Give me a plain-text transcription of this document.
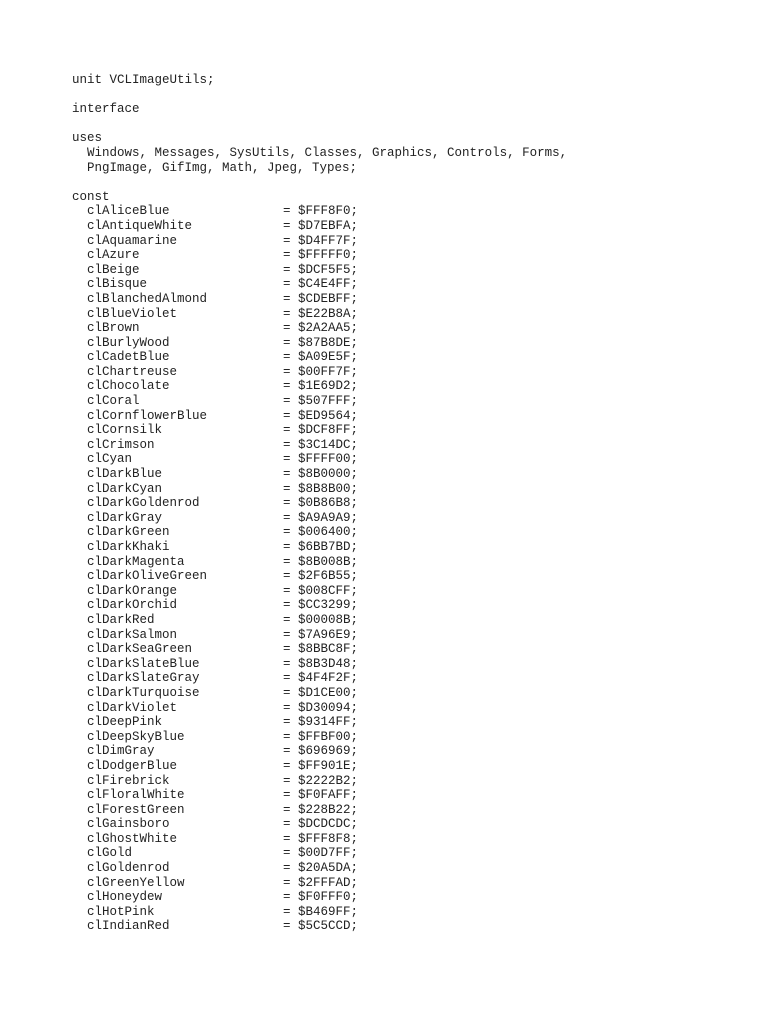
unit VCLImageUtils;
interface
uses
Windows, Messages, SysUtils, Classes, Graphics, Controls, Forms,
PngImage, GifImg, Math, Jpeg, Types;
const
clAliceBlue	= $FFF8F0;
clAntiqueWhite	= $D7EBFA;
clAquamarine	= $D4FF7F;
clAzure	= $FFFFF0;
clBeige	= $DCF5F5;
clBisque	= $C4E4FF;
clBlanchedAlmond	= $CDEBFF;
clBlueViolet	= $E22B8A;
clBrown	= $2A2AA5;
clBurlyWood	= $87B8DE;
clCadetBlue	= $A09E5F;
clChartreuse	= $00FF7F;
clChocolate	= $1E69D2;
clCoral	= $507FFF;
clCornflowerBlue	= $ED9564;
clCornsilk	= $DCF8FF;
clCrimson	= $3C14DC;
clCyan	= $FFFF00;
clDarkBlue	= $8B0000;
clDarkCyan	= $8B8B00;
clDarkGoldenrod	= $0B86B8;
clDarkGray	= $A9A9A9;
clDarkGreen	= $006400;
clDarkKhaki	= $6BB7BD;
clDarkMagenta	= $8B008B;
clDarkOliveGreen	= $2F6B55;
clDarkOrange	= $008CFF;
clDarkOrchid	= $CC3299;
clDarkRed	= $00008B;
clDarkSalmon	= $7A96E9;
clDarkSeaGreen	= $8BBC8F;
clDarkSlateBlue	= $8B3D48;
clDarkSlateGray	= $4F4F2F;
clDarkTurquoise	= $D1CE00;
clDarkViolet	= $D30094;
clDeepPink	= $9314FF;
clDeepSkyBlue	= $FFBF00;
clDimGray	= $696969;
clDodgerBlue	= $FF901E;
clFirebrick	= $2222B2;
clFloralWhite	= $F0FAFF;
clForestGreen	= $228B22;
clGainsboro	= $DCDCDC;
clGhostWhite	= $FFF8F8;
clGold	= $00D7FF;
clGoldenrod	= $20A5DA;
clGreenYellow	= $2FFFAD;
clHoneydew	= $F0FFF0;
clHotPink	= $B469FF;
clIndianRed	= $5C5CCD;
